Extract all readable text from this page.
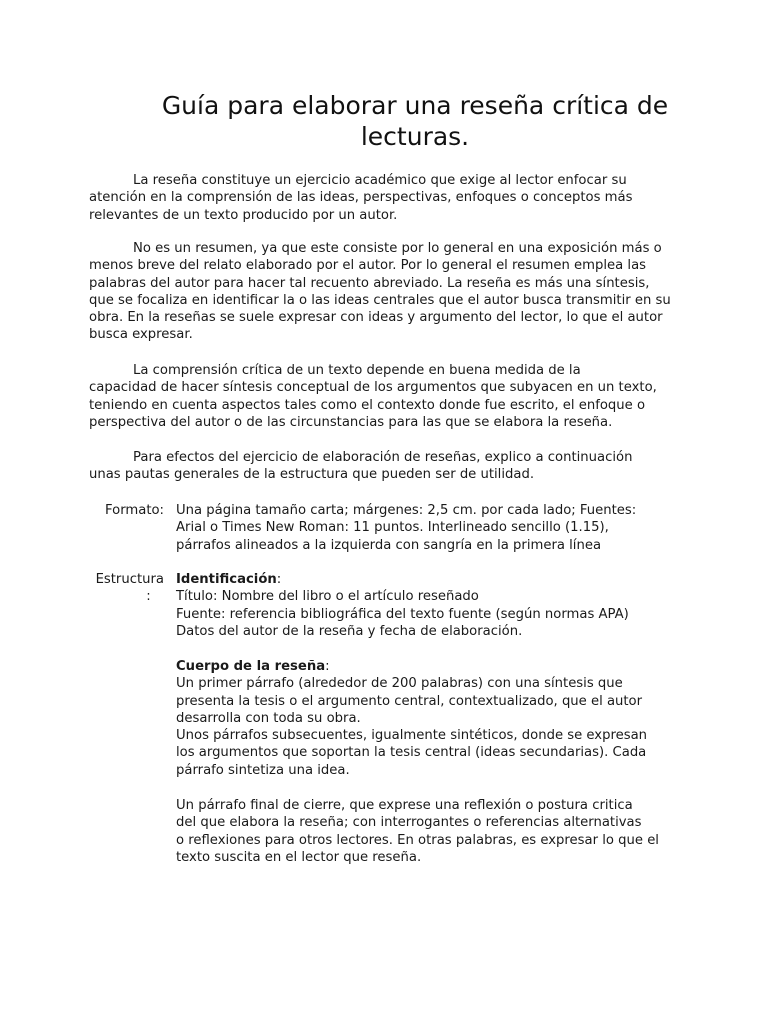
Guía para elaborar una reseña crítica de
lecturas.

La reseña constituye un ejercicio académico que exige al lector enfocar su
atención en la comprensión de las ideas, perspectivas, enfoques o conceptos más
relevantes de un texto producido por un autor.

No es un resumen, ya que este consiste por lo general en una exposición más o
menos breve del relato elaborado por el autor. Por lo general el resumen emplea las
palabras del autor para hacer tal recuento abreviado. La reseña es más una síntesis,
que se focaliza en identificar la o las ideas centrales que el autor busca transmitir en su
obra. En la reseñas se suele expresar con ideas y argumento del lector, lo que el autor
busca expresar.

La comprensión crítica de un texto depende en buena medida de la
capacidad de hacer síntesis conceptual de los argumentos que subyacen en un texto,
teniendo en cuenta aspectos tales como el contexto donde fue escrito, el enfoque o
perspectiva del autor o de las circunstancias para las que se elabora la reseña.

Para efectos del ejercicio de elaboración de reseñas, explico a continuación
unas pautas generales de la estructura que pueden ser de utilidad.

Formato: Una página tamaño carta; márgenes: 2,5 cm. por cada lado; Fuentes:
Arial o Times New Roman: 11 puntos. Interlineado sencillo (1.15),
párrafos alineados a la izquierda con sangría en la primera línea
Estructura
:
Identificación:
Título: Nombre del libro o el artículo reseñado
Fuente: referencia bibliográfica del texto fuente (según normas APA)
Datos del autor de la reseña y fecha de elaboración.
Cuerpo de la reseña:
Un primer párrafo (alrededor de 200 palabras) con una síntesis que
presenta la tesis o el argumento central, contextualizado, que el autor
desarrolla con toda su obra.
Unos párrafos subsecuentes, igualmente sintéticos, donde se expresan
los argumentos que soportan la tesis central (ideas secundarias). Cada
párrafo sintetiza una idea.
Un párrafo final de cierre, que exprese una reflexión o postura critica
del que elabora la reseña; con interrogantes o referencias alternativas
o reflexiones para otros lectores. En otras palabras, es expresar lo que el
texto suscita en el lector que reseña.
